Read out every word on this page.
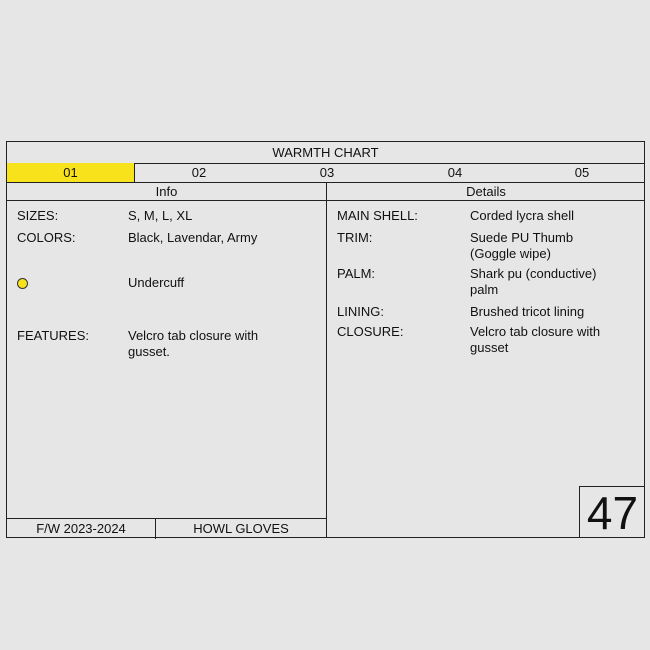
WARMTH CHART
01	02	03	04	05
Info	Details
SIZES:	S, M, L, XL
COLORS:	Black, Lavendar, Army
Undercuff
FEATURES:	Velcro tab closure with gusset.
MAIN SHELL:	Corded lycra shell
TRIM:	Suede PU Thumb (Goggle wipe)
PALM:	Shark pu (conductive) palm
LINING:	Brushed tricot lining
CLOSURE:	Velcro tab closure with gusset
F/W 2023-2024	HOWL GLOVES	47
